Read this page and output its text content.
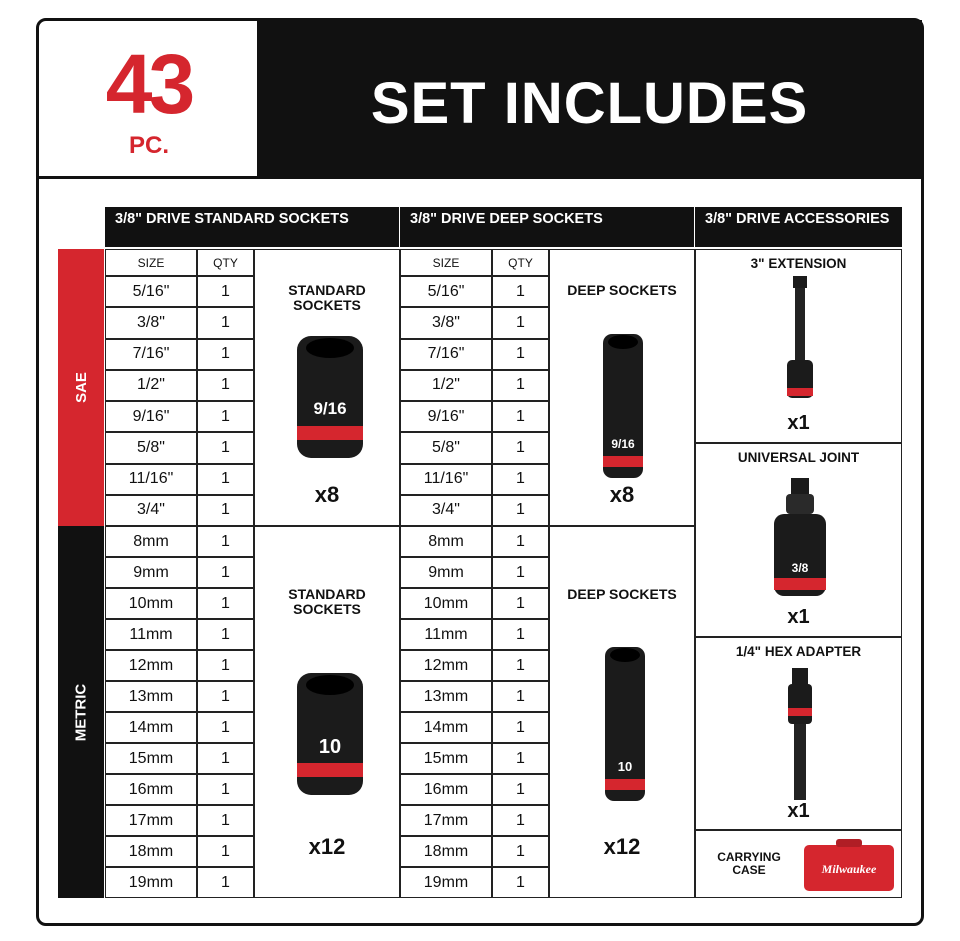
43
PC.
SET INCLUDES
3/8" DRIVE STANDARD SOCKETS	3/8" DRIVE DEEP SOCKETS	3/8" DRIVE ACCESSORIES
SAE
METRIC
SIZE	QTY
5/16"	1
3/8"	1
7/16"	1
1/2"	1
9/16"	1
5/8"	1
11/16"	1
3/4"	1
8mm	1
9mm	1
10mm	1
11mm	1
12mm	1
13mm	1
14mm	1
15mm	1
16mm	1
17mm	1
18mm	1
19mm	1
SIZE	QTY
5/16"	1
3/8"	1
7/16"	1
1/2"	1
9/16"	1
5/8"	1
11/16"	1
3/4"	1
8mm	1
9mm	1
10mm	1
11mm	1
12mm	1
13mm	1
14mm	1
15mm	1
16mm	1
17mm	1
18mm	1
19mm	1
STANDARD SOCKETS
9/16
x8
DEEP SOCKETS
9/16
x8
STANDARD SOCKETS
10
x12
DEEP SOCKETS
10
x12
3" EXTENSION
x1
UNIVERSAL JOINT
3/8
x1
1/4" HEX ADAPTER
x1
CARRYING CASE	Milwaukee
